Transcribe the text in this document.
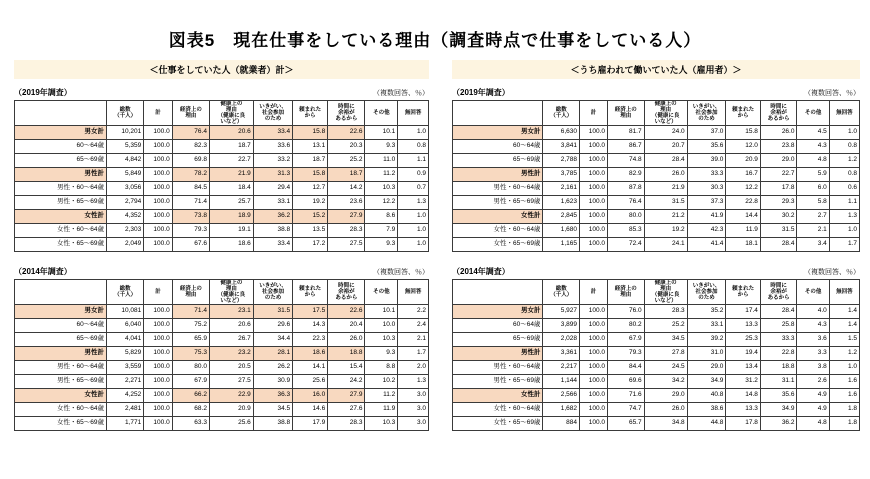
図表5　現在仕事をしている理由（調査時点で仕事をしている人）
＜仕事をしていた人（就業者）計＞
（2019年調査）	（複数回答、％）
	総数
（千人）	計	経済上の
理由	健康上の
理由
（健康に良
いなど）	いきがい、
社会参加
のため	頼まれた
から	時間に
余裕が
あるから	その他	無回答
男女計	10,201	100.0	76.4	20.6	33.4	15.8	22.6	10.1	1.0
60～64歳	5,359	100.0	82.3	18.7	33.6	13.1	20.3	9.3	0.8
65～69歳	4,842	100.0	69.8	22.7	33.2	18.7	25.2	11.0	1.1
男性計	5,849	100.0	78.2	21.9	31.3	15.8	18.7	11.2	0.9
男性・60～64歳	3,056	100.0	84.5	18.4	29.4	12.7	14.2	10.3	0.7
男性・65～69歳	2,794	100.0	71.4	25.7	33.1	19.2	23.6	12.2	1.3
女性計	4,352	100.0	73.8	18.9	36.2	15.2	27.9	8.6	1.0
女性・60～64歳	2,303	100.0	79.3	19.1	38.8	13.5	28.3	7.9	1.0
女性・65～69歳	2,049	100.0	67.6	18.6	33.4	17.2	27.5	9.3	1.0
（2014年調査）	（複数回答、％）
	総数
（千人）	計	経済上の
理由	健康上の
理由
（健康に良
いなど）	いきがい、
社会参加
のため	頼まれた
から	時間に
余裕が
あるから	その他	無回答
男女計	10,081	100.0	71.4	23.1	31.5	17.5	22.6	10.1	2.2
60～64歳	6,040	100.0	75.2	20.6	29.6	14.3	20.4	10.0	2.4
65～69歳	4,041	100.0	65.9	26.7	34.4	22.3	26.0	10.3	2.1
男性計	5,829	100.0	75.3	23.2	28.1	18.6	18.8	9.3	1.7
男性・60～64歳	3,559	100.0	80.0	20.5	26.2	14.1	15.4	8.8	2.0
男性・65～69歳	2,271	100.0	67.9	27.5	30.9	25.6	24.2	10.2	1.3
女性計	4,252	100.0	66.2	22.9	36.3	16.0	27.9	11.2	3.0
女性・60～64歳	2,481	100.0	68.2	20.9	34.5	14.6	27.6	11.9	3.0
女性・65～69歳	1,771	100.0	63.3	25.6	38.8	17.9	28.3	10.3	3.0
＜うち雇われて働いていた人（雇用者）＞
（2019年調査）	（複数回答、％）
	総数
（千人）	計	経済上の
理由	健康上の
理由
（健康に良
いなど）	いきがい、
社会参加
のため	頼まれた
から	時間に
余裕が
あるから	その他	無回答
男女計	6,630	100.0	81.7	24.0	37.0	15.8	26.0	4.5	1.0
60～64歳	3,841	100.0	86.7	20.7	35.6	12.0	23.8	4.3	0.8
65～69歳	2,788	100.0	74.8	28.4	39.0	20.9	29.0	4.8	1.2
男性計	3,785	100.0	82.9	26.0	33.3	16.7	22.7	5.9	0.8
男性・60～64歳	2,161	100.0	87.8	21.9	30.3	12.2	17.8	6.0	0.6
男性・65～69歳	1,623	100.0	76.4	31.5	37.3	22.8	29.3	5.8	1.1
女性計	2,845	100.0	80.0	21.2	41.9	14.4	30.2	2.7	1.3
女性・60～64歳	1,680	100.0	85.3	19.2	42.3	11.9	31.5	2.1	1.0
女性・65～69歳	1,165	100.0	72.4	24.1	41.4	18.1	28.4	3.4	1.7
（2014年調査）	（複数回答、％）
	総数
（千人）	計	経済上の
理由	健康上の
理由
（健康に良
いなど）	いきがい、
社会参加
のため	頼まれた
から	時間に
余裕が
あるから	その他	無回答
男女計	5,927	100.0	76.0	28.3	35.2	17.4	28.4	4.0	1.4
60～64歳	3,899	100.0	80.2	25.2	33.1	13.3	25.8	4.3	1.4
65～69歳	2,028	100.0	67.9	34.5	39.2	25.3	33.3	3.6	1.5
男性計	3,361	100.0	79.3	27.8	31.0	19.4	22.8	3.3	1.2
男性・60～64歳	2,217	100.0	84.4	24.5	29.0	13.4	18.8	3.8	1.0
男性・65～69歳	1,144	100.0	69.6	34.2	34.9	31.2	31.1	2.6	1.6
女性計	2,566	100.0	71.6	29.0	40.8	14.8	35.6	4.9	1.6
女性・60～64歳	1,682	100.0	74.7	26.0	38.6	13.3	34.9	4.9	1.8
女性・65～69歳	884	100.0	65.7	34.8	44.8	17.8	36.2	4.8	1.8
